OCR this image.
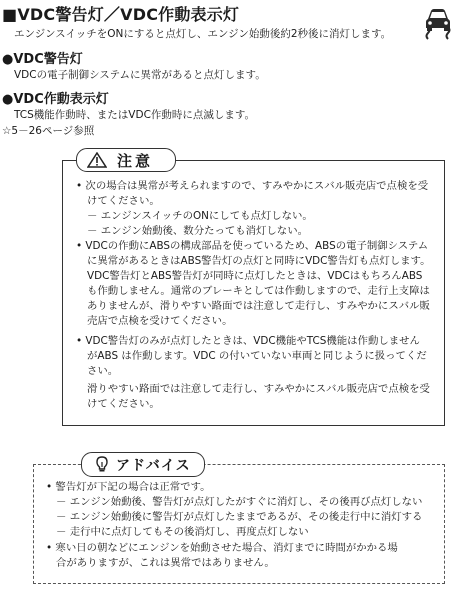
■VDC警告灯／VDC作動表示灯
エンジンスイッチをONにすると点灯し、エンジン始動後約2秒後に消灯します。
●VDC警告灯
VDCの電子制御システムに異常があると点灯します。
●VDC作動表示灯
TCS機能作動時、またはVDC作動時に点滅します。
☆5－26ページ参照
注意
• 次の場合は異常が考えられますので、すみやかにスバル販売店で点検を受
けてください。
－ エンジンスイッチのONにしても点灯しない。
－ エンジン始動後、数分たっても消灯しない。
• VDCの作動にABSの構成部品を使っているため、ABSの電子制御システム
に異常があるときはABS警告灯の点灯と同時にVDC警告灯も点灯します。
VDC警告灯とABS警告灯が同時に点灯したときは、VDCはもちろんABS
も作動しません。通常のブレーキとしては作動しますので、走行上支障は
ありませんが、滑りやすい路面では注意して走行し、すみやかにスバル販
売店で点検を受けてください。
• VDC警告灯のみが点灯したときは、VDC機能やTCS機能は作動しません
がABS は作動します。VDC の付いていない車両と同じように扱ってくだ
さい。
滑りやすい路面では注意して走行し、すみやかにスバル販売店で点検を受
けてください。
アドバイス
• 警告灯が下記の場合は正常です。
－ エンジン始動後、警告灯が点灯したがすぐに消灯し、その後再び点灯しない
－ エンジン始動後に警告灯が点灯したままであるが、その後走行中に消灯する
－ 走行中に点灯してもその後消灯し、再度点灯しない
• 寒い日の朝などにエンジンを始動させた場合、消灯までに時間がかかる場
合がありますが、これは異常ではありません。
